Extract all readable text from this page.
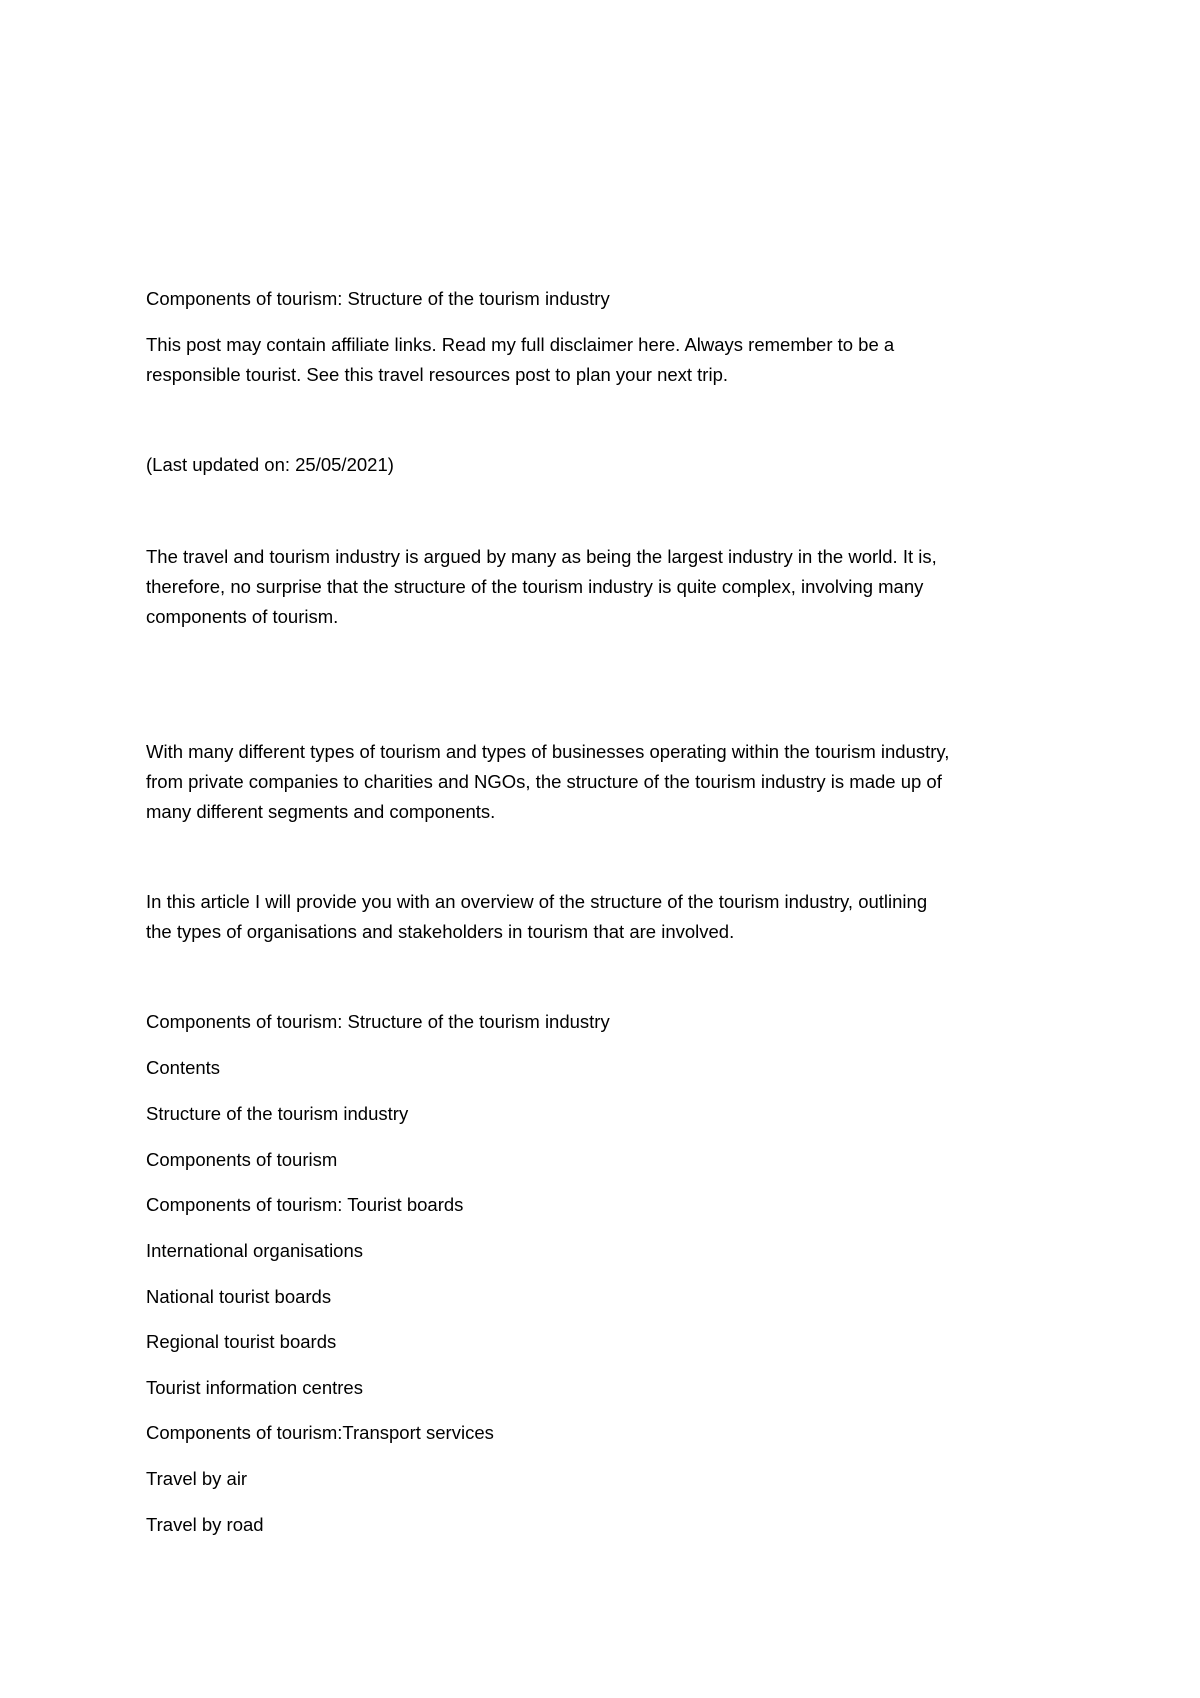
Components of tourism: Structure of the tourism industry
This post may contain affiliate links. Read my full disclaimer here. Always remember to be a
responsible tourist. See this travel resources post to plan your next trip.
(Last updated on: 25/05/2021)
The travel and tourism industry is argued by many as being the largest industry in the world. It is,
therefore, no surprise that the structure of the tourism industry is quite complex, involving many
components of tourism.
With many different types of tourism and types of businesses operating within the tourism industry,
from private companies to charities and NGOs, the structure of the tourism industry is made up of
many different segments and components.
In this article I will provide you with an overview of the structure of the tourism industry, outlining
the types of organisations and stakeholders in tourism that are involved.
Components of tourism: Structure of the tourism industry
Contents
Structure of the tourism industry
Components of tourism
Components of tourism: Tourist boards
International organisations
National tourist boards
Regional tourist boards
Tourist information centres
Components of tourism:Transport services
Travel by air
Travel by road
